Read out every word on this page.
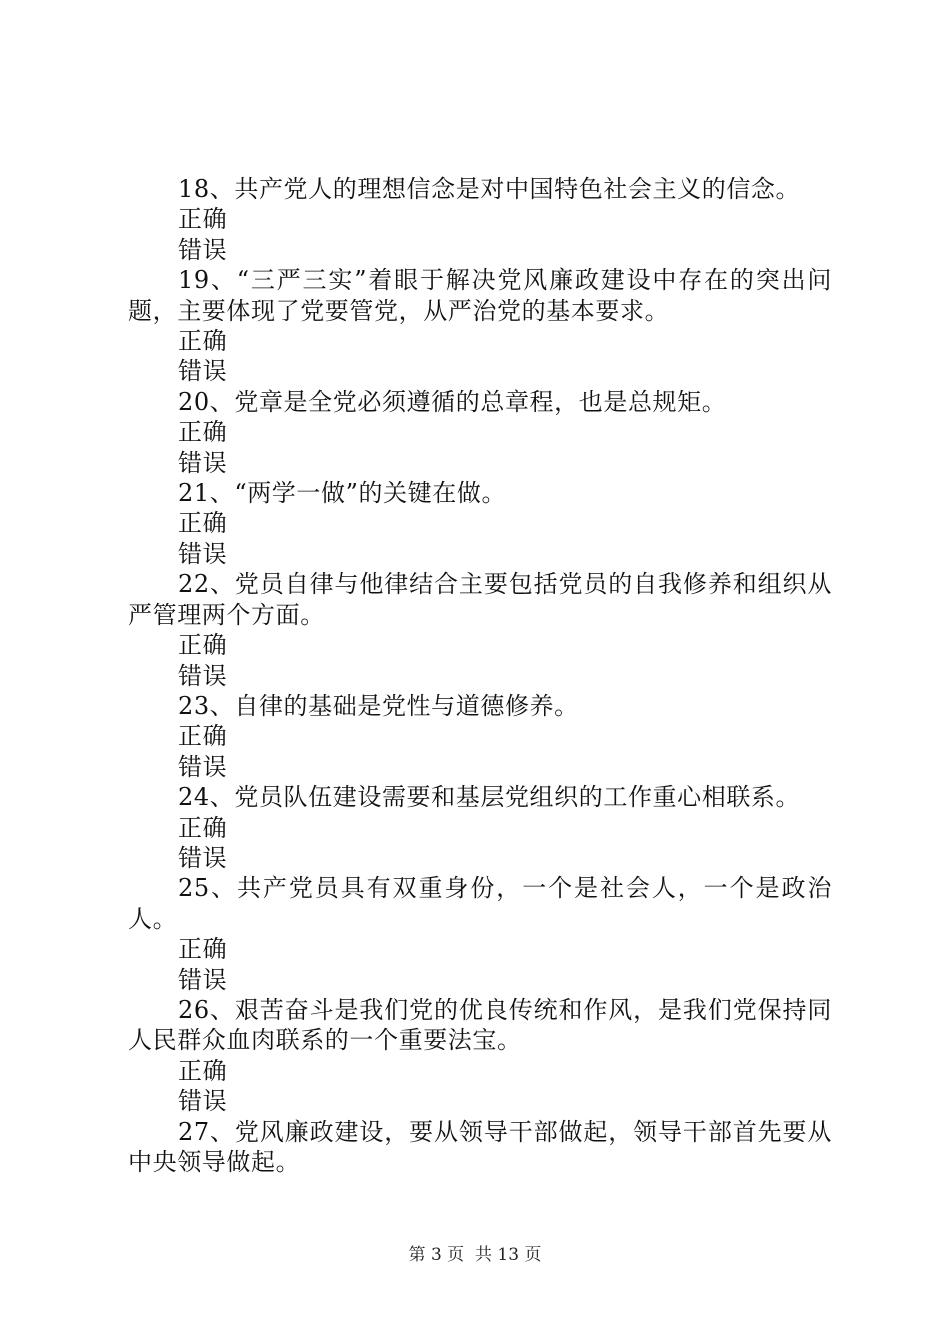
18、共产党人的理想信念是对中国特色社会主义的信念。

正确

错误

19、“三严三实”着眼于解决党风廉政建设中存在的突出问题，主要体现了党要管党，从严治党的基本要求。

正确

错误

20、党章是全党必须遵循的总章程，也是总规矩。

正确

错误

21、“两学一做”的关键在做。

正确

错误

22、党员自律与他律结合主要包括党员的自我修养和组织从严管理两个方面。

正确

错误

23、自律的基础是党性与道德修养。

正确

错误

24、党员队伍建设需要和基层党组织的工作重心相联系。

正确

错误

25、共产党员具有双重身份，一个是社会人，一个是政治人。

正确

错误

26、艰苦奋斗是我们党的优良传统和作风，是我们党保持同人民群众血肉联系的一个重要法宝。

正确

错误

27、党风廉政建设，要从领导干部做起，领导干部首先要从中央领导做起。

第 3 页 共 13 页
